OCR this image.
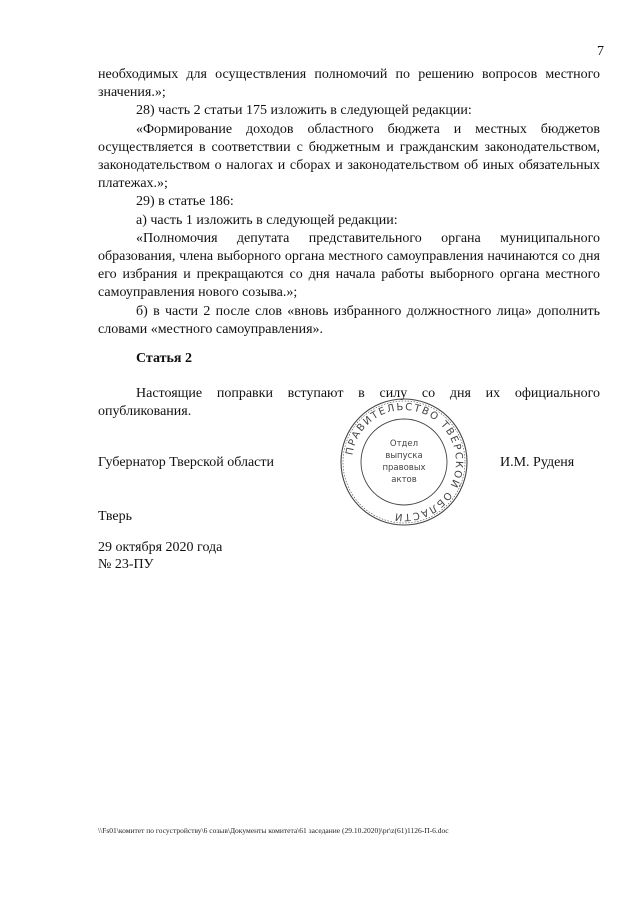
7

необходимых для осуществления полномочий по решению вопросов местного значения.»;

28) часть 2 статьи 175 изложить в следующей редакции:

«Формирование доходов областного бюджета и местных бюджетов осуществляется в соответствии с бюджетным и гражданским законодательством, законодательством о налогах и сборах и законодательством об иных обязательных платежах.»;

29) в статье 186:

а) часть 1 изложить в следующей редакции:

«Полномочия депутата представительного органа муниципального образования, члена выборного органа местного самоуправления начинаются со дня его избрания и прекращаются со дня начала работы выборного органа местного самоуправления нового созыва.»;

б) в части 2 после слов «вновь избранного должностного лица» дополнить словами «местного самоуправления».

Статья 2

Настоящие поправки вступают в силу со дня их официального опубликования.

Губернатор Тверской области	И.М. Руденя
Тверь
29 октября 2020 года
№ 23-ПУ
ПРАВИТЕЛЬСТВО ТВЕРСКОЙ ОБЛАСТИ
Отдел
выпуска
правовых
актов
\\Fs01\комитет по госустройству\6 созыв\Документы комитета\61 заседание (29.10.2020)\pr\z(61)1126-П-6.doc
